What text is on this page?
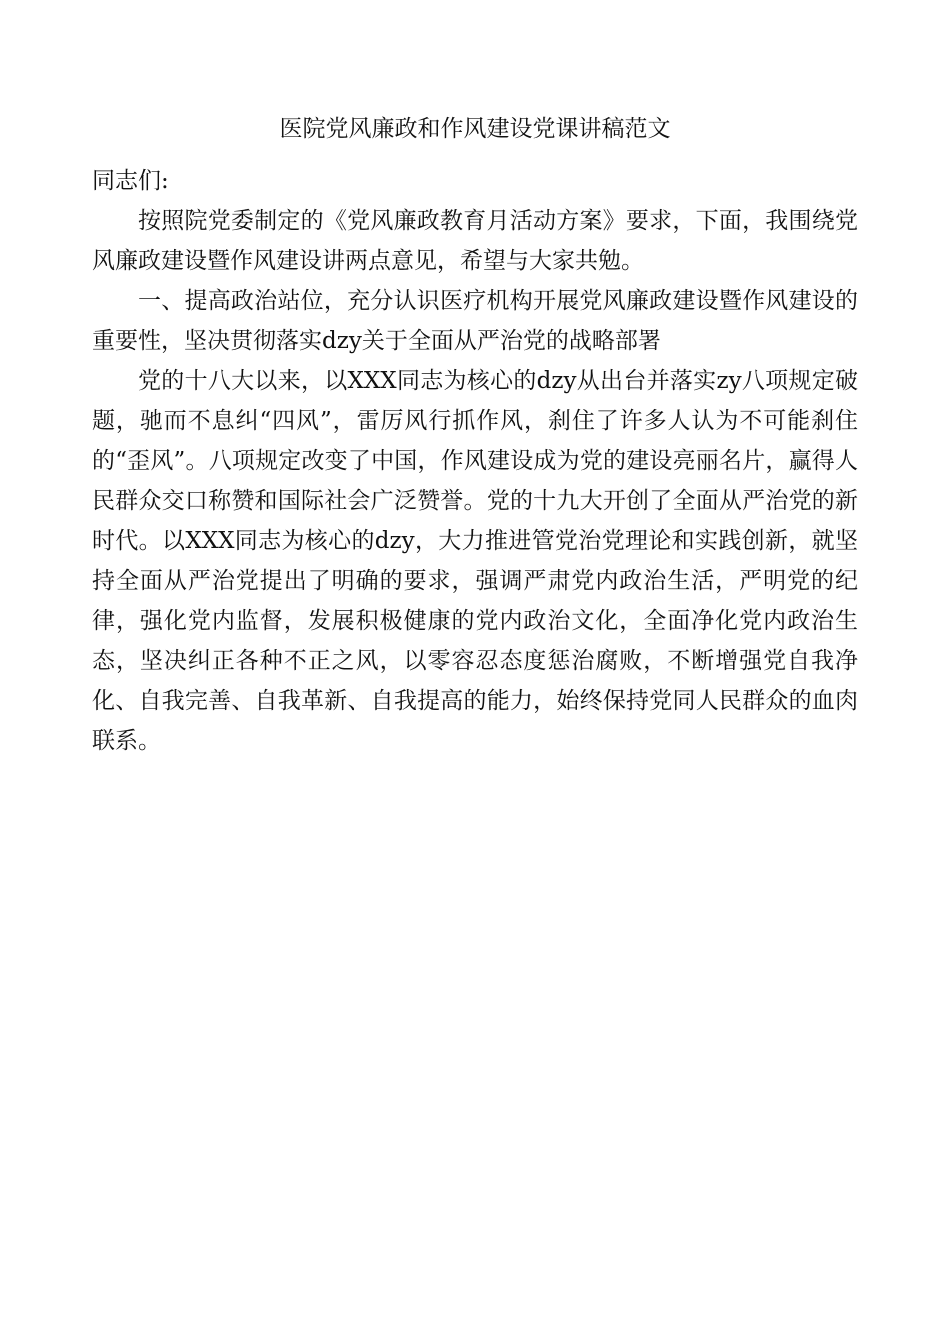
医院党风廉政和作风建设党课讲稿范文

同志们:

按照院党委制定的《党风廉政教育月活动方案》要求，下面，我围绕党风廉政建设暨作风建设讲两点意见，希望与大家共勉。

一、提高政治站位，充分认识医疗机构开展党风廉政建设暨作风建设的重要性，坚决贯彻落实dzy关于全面从严治党的战略部署

党的十八大以来，以XXX同志为核心的dzy从出台并落实zy八项规定破题，驰而不息纠“四风”，雷厉风行抓作风，刹住了许多人认为不可能刹住的“歪风”。八项规定改变了中国，作风建设成为党的建设亮丽名片，赢得人民群众交口称赞和国际社会广泛赞誉。党的十九大开创了全面从严治党的新时代。以XXX同志为核心的dzy，大力推进管党治党理论和实践创新，就坚持全面从严治党提出了明确的要求，强调严肃党内政治生活，严明党的纪律，强化党内监督，发展积极健康的党内政治文化，全面净化党内政治生态，坚决纠正各种不正之风，以零容忍态度惩治腐败，不断增强党自我净化、自我完善、自我革新、自我提高的能力，始终保持党同人民群众的血肉联系。
